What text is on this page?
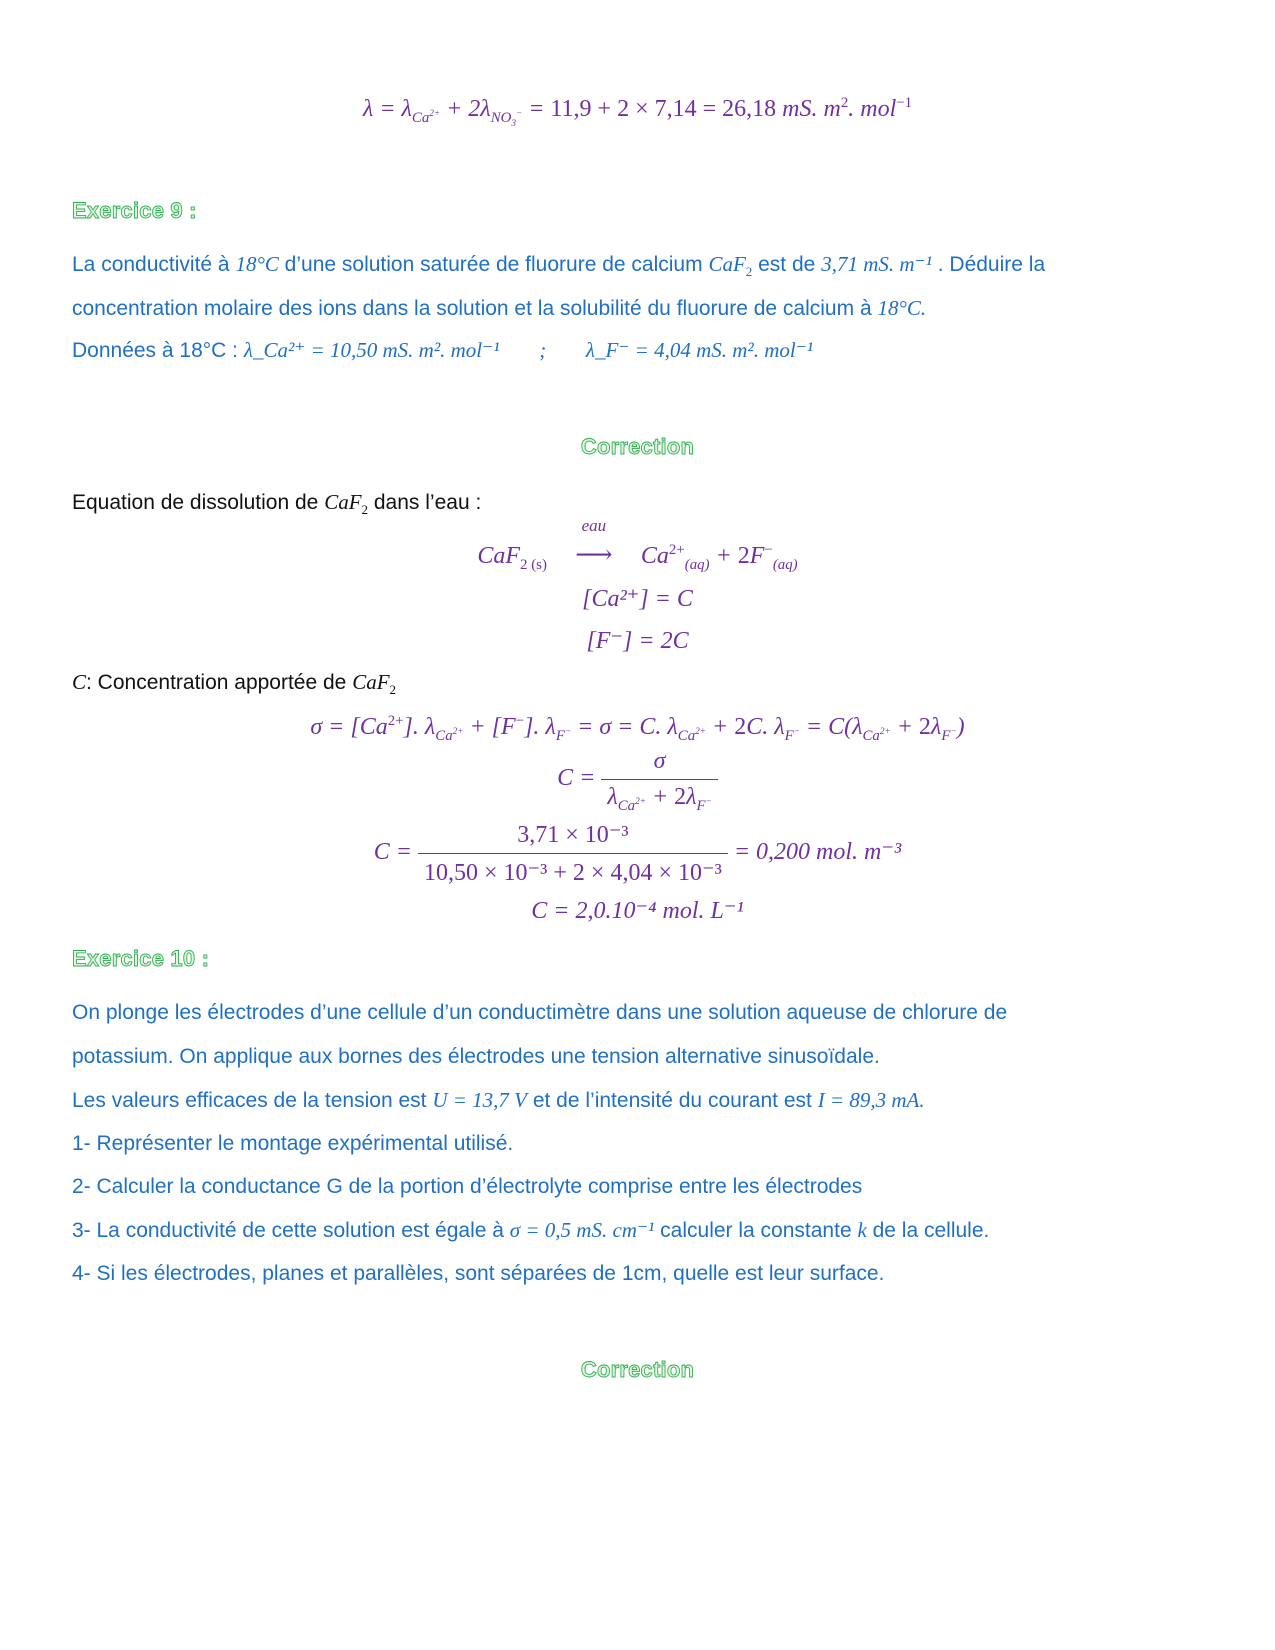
$\lambda = \lambda_{Ca^{2+}} + 2\lambda_{NO_3^-} = 11,9 + 2 \times 7,14 = 26,18$ mS. $m^2$. mol$^{-1}$
Exercice 9 :
La conductivité à 18°C d’une solution saturée de fluorure de calcium CaF$_2$ est de 3,71 mS. m⁻¹ . Déduire la
concentration molaire des ions dans la solution et la solubilité du fluorure de calcium à 18°C.
Données à 18°C : λ_Ca²⁺ = 10,50 mS. m². mol⁻¹ ; λ_F⁻ = 4,04 mS. m². mol⁻¹
Correction
Equation de dissolution de CaF$_2$ dans l’eau :
CaF$_{2 (s)}$
eau
⟶ $Ca^{2+}_{(aq)} + 2F^-_{(aq)}$
[Ca²⁺] = C
[F⁻] = 2C
C: Concentration apportée de CaF$_2$
$\sigma = [Ca^{2+}]$. $\lambda_{Ca^{2+}} + [F^-]$. $\lambda_{F^-} = \sigma = C$. $\lambda_{Ca^{2+}} + 2C$. $\lambda_{F^-} = C(\lambda_{Ca^{2+}} + 2\lambda_{F^-})$
$C = \frac{\sigma}{\lambda_{Ca^{2+}} + 2\lambda_{F^-}}$
$C = \frac{\text{3,71 × 10⁻³}}{\text{10,50 × 10⁻³ + 2 × 4,04 × 10⁻³}} = 0,200$ mol. m⁻³
C = 2,0.10⁻⁴ mol. L⁻¹
Exercice 10 :
On plonge les électrodes d’une cellule d’un conductimètre dans une solution aqueuse de chlorure de
potassium. On applique aux bornes des électrodes une tension alternative sinusoïdale.
Les valeurs efficaces de la tension est U = 13,7 V et de l’intensité du courant est I = 89,3 mA.
1- Représenter le montage expérimental utilisé.
2- Calculer la conductance G de la portion d’électrolyte comprise entre les électrodes
3- La conductivité de cette solution est égale à σ = 0,5 mS. cm⁻¹ calculer la constante k de la cellule.
4- Si les électrodes, planes et parallèles, sont séparées de 1cm, quelle est leur surface.
Correction
